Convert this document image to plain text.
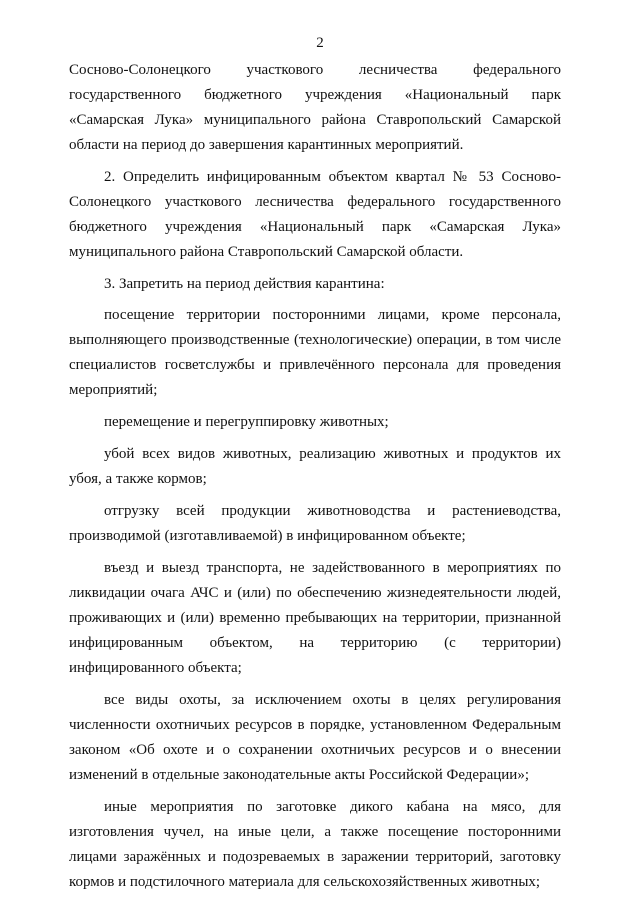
2

Сосново-Солонецкого участкового лесничества федерального государственного бюджетного учреждения «Национальный парк «Самарская Лука» муниципального района Ставропольский Самарской области на период до завершения карантинных мероприятий.

2. Определить инфицированным объектом квартал № 53 Сосново-Солонецкого участкового лесничества федерального государственного бюджетного учреждения «Национальный парк «Самарская Лука» муниципального района Ставропольский Самарской области.

3. Запретить на период действия карантина:

посещение территории посторонними лицами, кроме персонала, выполняющего производственные (технологические) операции, в том числе специалистов госветслужбы и привлечённого персонала для проведения мероприятий;

перемещение и перегруппировку животных;

убой всех видов животных, реализацию животных и продуктов их убоя, а также кормов;

отгрузку всей продукции животноводства и растениеводства, производимой (изготавливаемой) в инфицированном объекте;

въезд и выезд транспорта, не задействованного в мероприятиях по ликвидации очага АЧС и (или) по обеспечению жизнедеятельности людей, проживающих и (или) временно пребывающих на территории, признанной инфицированным объектом, на территорию (с территории) инфицированного объекта;

все виды охоты, за исключением охоты в целях регулирования численности охотничьих ресурсов в порядке, установленном Федеральным законом «Об охоте и о сохранении охотничьих ресурсов и о внесении изменений в отдельные законодательные акты Российской Федерации»;

иные мероприятия по заготовке дикого кабана на мясо, для изготовления чучел, на иные цели, а также посещение посторонними лицами заражённых и подозреваемых в заражении территорий, заготовку кормов и подстилочного материала для сельскохозяйственных животных;
